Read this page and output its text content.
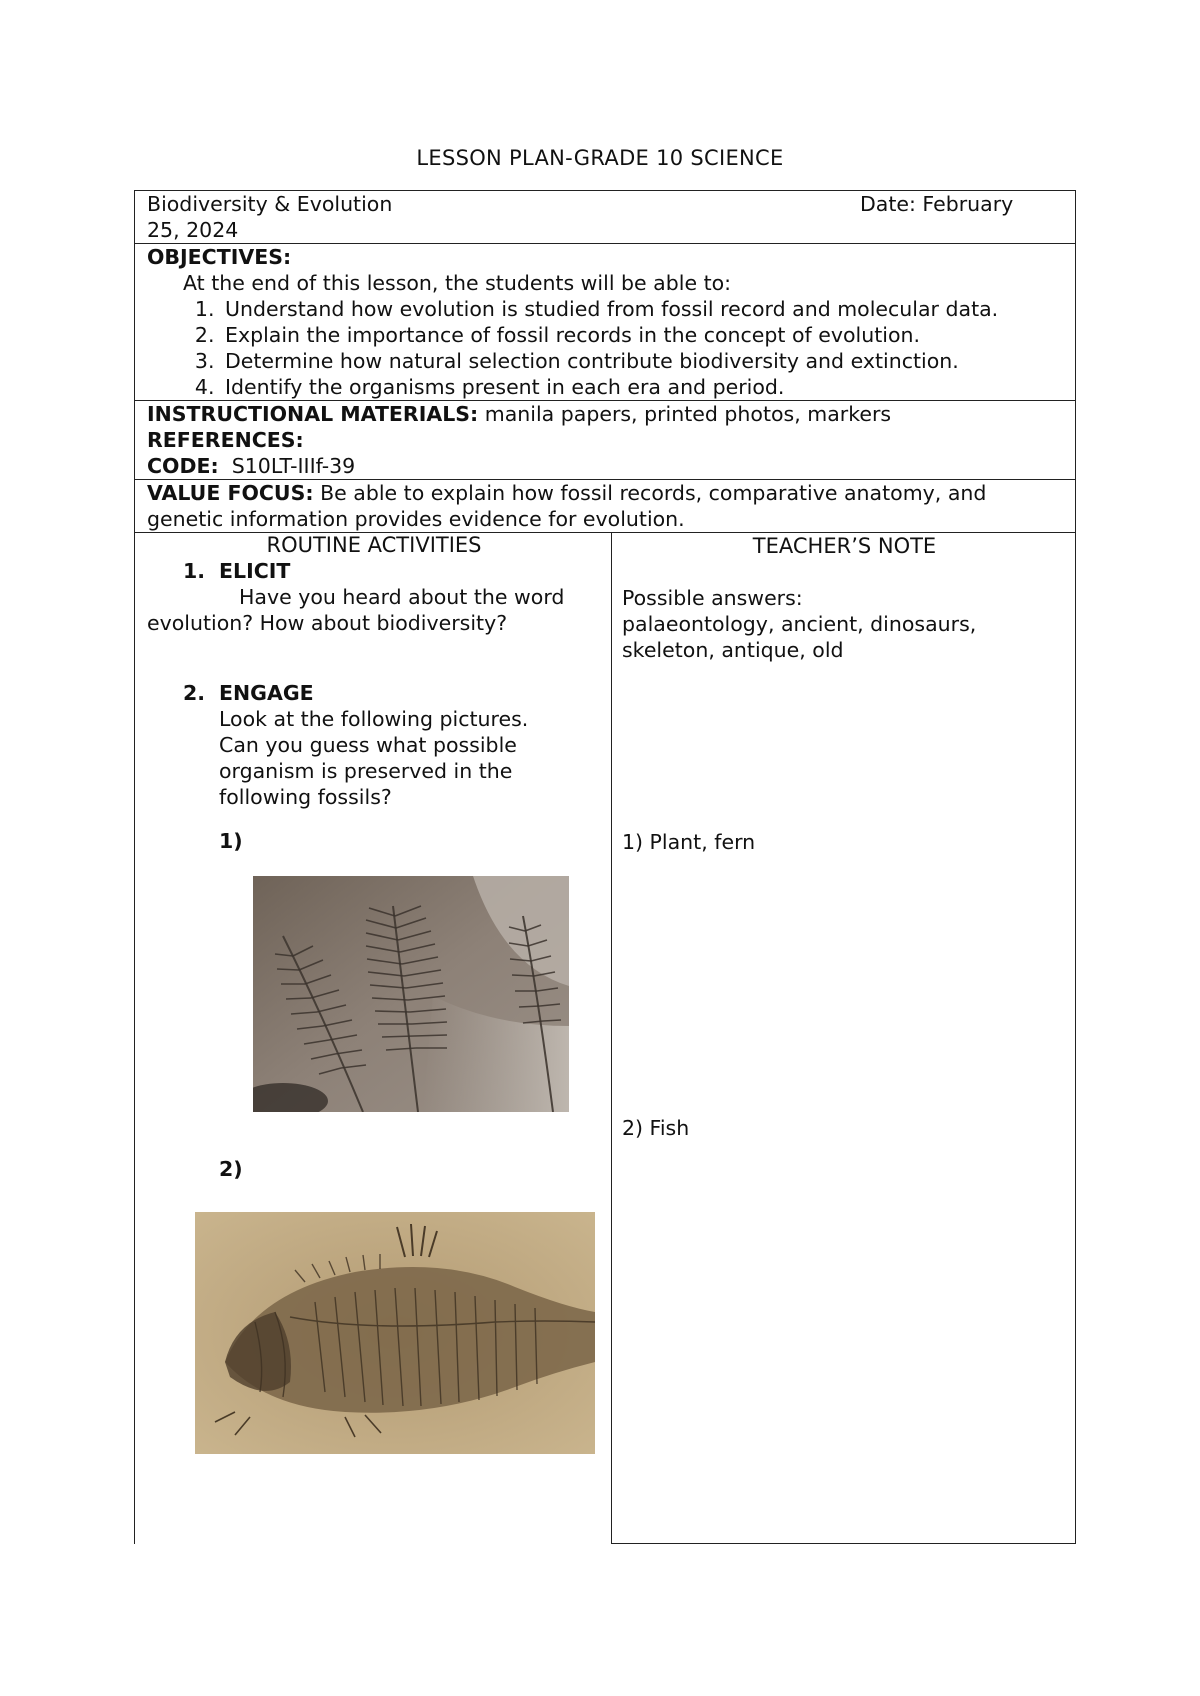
LESSON PLAN-GRADE 10 SCIENCE
Biodiversity & Evolution	Date: February
25, 2024
OBJECTIVES:
At the end of this lesson, the students will be able to:
1. Understand how evolution is studied from fossil record and molecular data.
2. Explain the importance of fossil records in the concept of evolution.
3. Determine how natural selection contribute biodiversity and extinction.
4. Identify the organisms present in each era and period.
INSTRUCTIONAL MATERIALS: manila papers, printed photos, markers
REFERENCES:
CODE: S10LT-IIIf-39
VALUE FOCUS: Be able to explain how fossil records, comparative anatomy, and
genetic information provides evidence for evolution.
ROUTINE ACTIVITIES
1. ELICIT
Have you heard about the word
evolution? How about biodiversity?
2. ENGAGE
Look at the following pictures.
Can you guess what possible
organism is preserved in the
following fossils?
1)
2)
TEACHER’S NOTE
Possible answers:
palaeontology, ancient, dinosaurs,
skeleton, antique, old
1) Plant, fern
2) Fish
